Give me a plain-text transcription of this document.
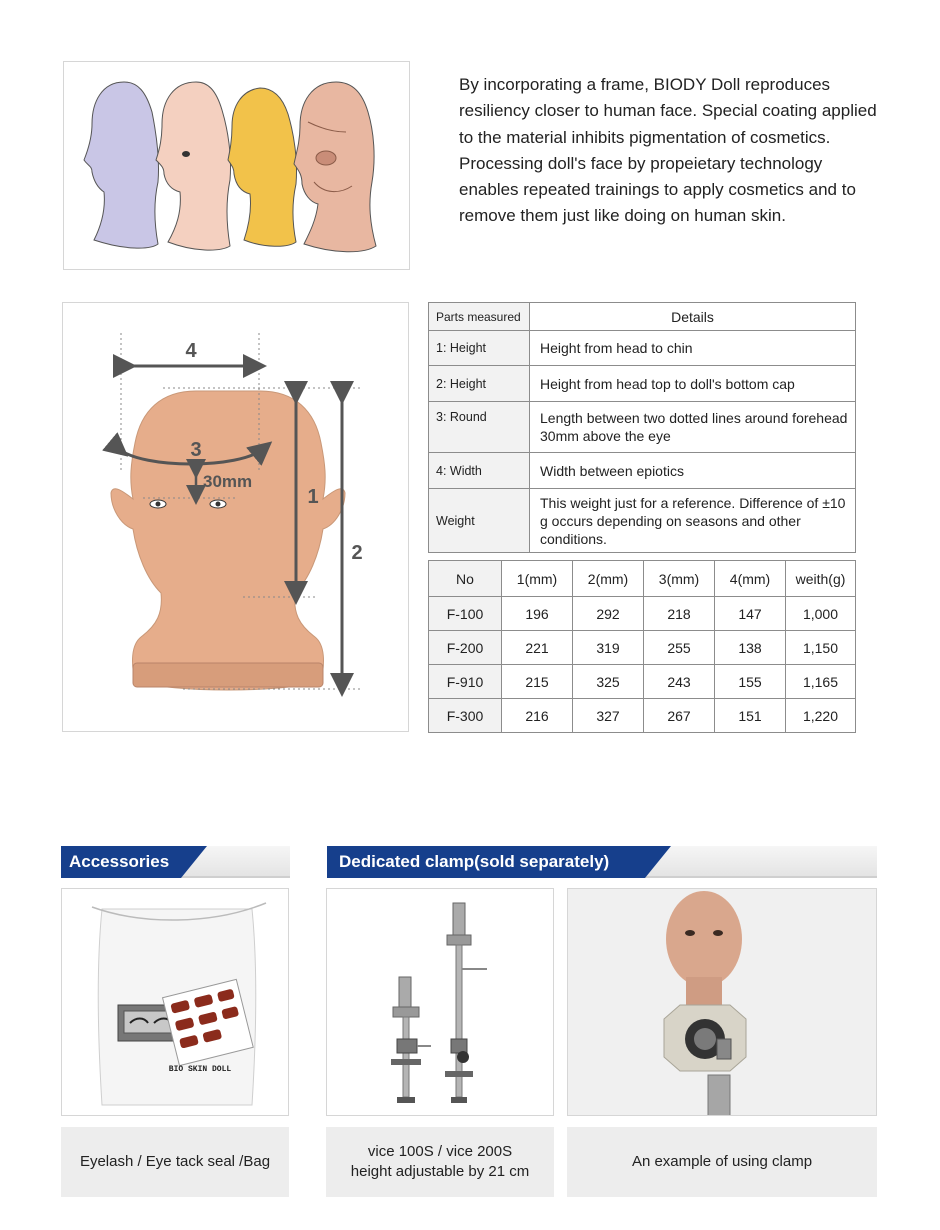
By incorporating a frame, BIODY Doll reproduces resiliency closer to human face. Special coating applied to the material inhibits pigmentation of cosmetics. Processing doll's face by propeietary technology enables repeated trainings to apply cosmetics and to remove them just like doing on human skin.
4
3
30mm
1
2
Parts measured	Details
1: Height	Height from head to chin
2: Height	Height from head top to doll's bottom cap
3: Round	Length between two dotted lines around forehead 30mm above the eye
4: Width	Width between epiotics
Weight	This weight just for a reference. Difference of ±10 g occurs depending on seasons and other conditions.
No	1(mm)	2(mm)	3(mm)	4(mm)	weith(g)
F-100	196	292	218	147	1,000
F-200	221	319	255	138	1,150
F-910	215	325	243	155	1,165
F-300	216	327	267	151	1,220
Accessories
BIO SKIN DOLL
Eyelash / Eye tack seal /Bag
Dedicated clamp(sold separately)
vice 100S / vice 200S
height adjustable by 21 cm
An example of using clamp
